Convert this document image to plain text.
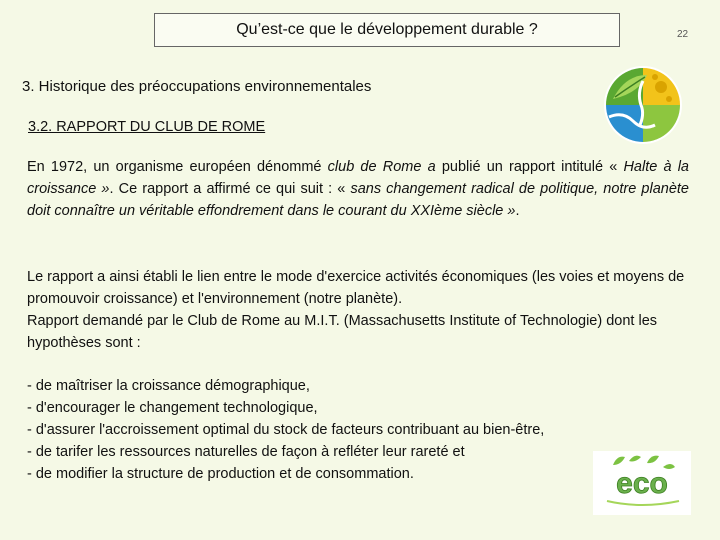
Qu’est-ce que le développement durable ?	22
3. Historique des préoccupations environnementales
3.2. RAPPORT DU CLUB DE ROME
En 1972, un organisme européen dénommé club de Rome a publié un rapport intitulé « Halte à la croissance ». Ce rapport a affirmé ce qui suit : « sans changement radical de politique, notre planète doit connaître un véritable effondrement dans le courant du XXIème siècle ».
Le rapport a ainsi établi le lien entre le mode d'exercice activités économiques (les voies et moyens de promouvoir croissance) et l'environnement (notre planète).
Rapport demandé par le Club de Rome au M.I.T. (Massachusetts Institute of Technologie) dont les hypothèses sont :
- de maîtriser la croissance démographique,
- d'encourager le changement technologique,
- d'assurer l'accroissement optimal du stock de facteurs contribuant au bien-être,
- de tarifer les ressources naturelles de façon à refléter leur rareté et
- de modifier la structure de production et de consommation.	eco
